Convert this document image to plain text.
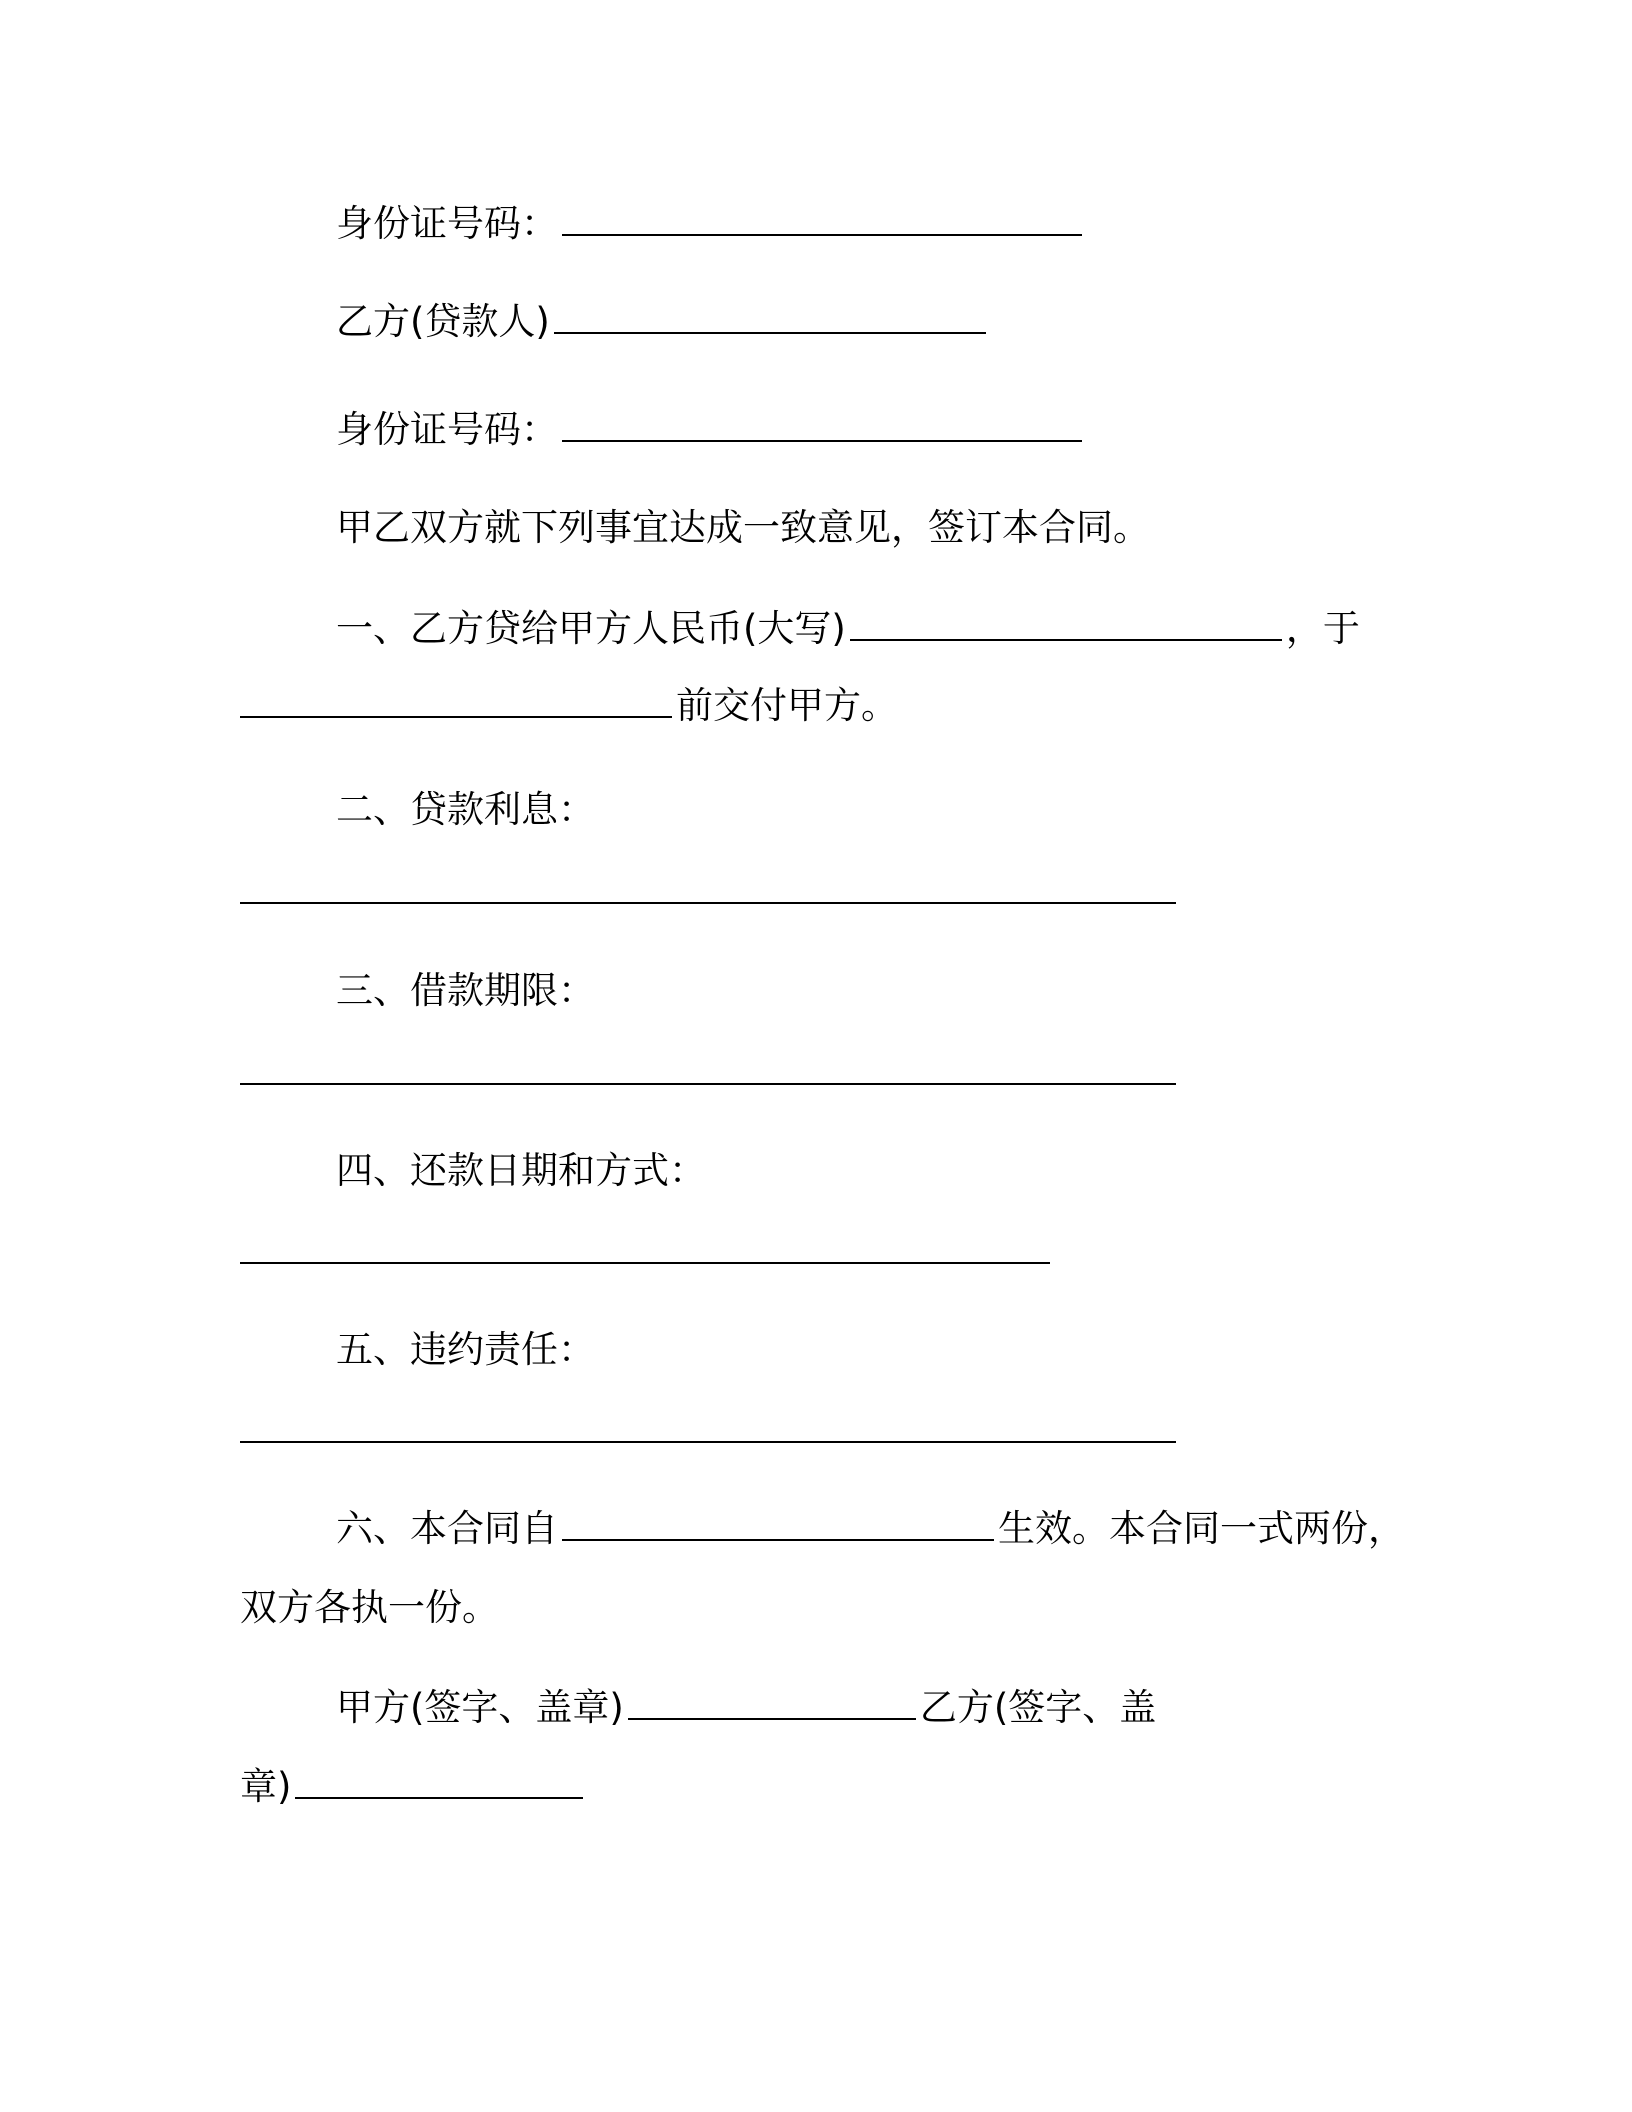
身份证号码：
乙方(贷款人)
身份证号码：
甲乙双方就下列事宜达成一致意见，签订本合同。
一、乙方贷给甲方人民币(大写)	，于
前交付甲方。
二、贷款利息：
三、借款期限：
四、还款日期和方式：
五、违约责任：
六、本合同自	生效。本合同一式两份，
双方各执一份。
甲方(签字、盖章)	乙方(签字、盖
章)
